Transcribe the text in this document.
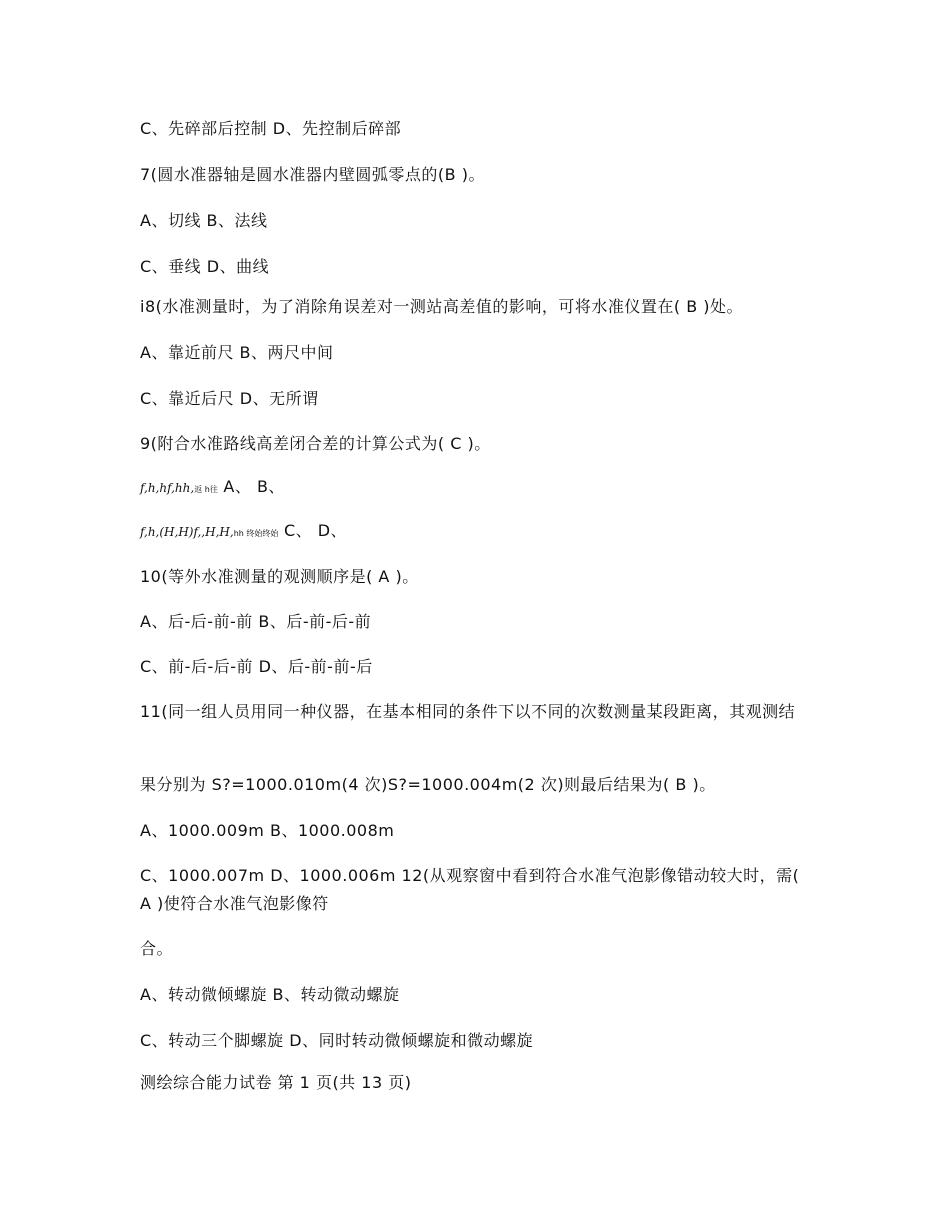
C、先碎部后控制 D、先控制后碎部
7(圆水准器轴是圆水准器内壁圆弧零点的(B )。
A、切线 B、法线
C、垂线 D、曲线
ⅰ8(水准测量时，为了消除角误差对一测站高差值的影响，可将水准仪置在( B )处。
A、靠近前尺 B、两尺中间
C、靠近后尺 D、无所谓
9(附合水准路线高差闭合差的计算公式为( C )。
f,h,hf,hh,返 h往 A、 B、
f,h,(H,H)f,,H,H,hh 终始终始 C、 D、
10(等外水准测量的观测顺序是( A )。
A、后-后-前-前 B、后-前-后-前
C、前-后-后-前 D、后-前-前-后
11(同一组人员用同一种仪器，在基本相同的条件下以不同的次数测量某段距离，其观测结
果分别为 S?=1000.010m(4 次)S?=1000.004m(2 次)则最后结果为( B )。
A、1000.009m B、1000.008m
C、1000.007m D、1000.006m 12(从观察窗中看到符合水准气泡影像错动较大时，需( A )使符合水准气泡影像符
合。
A、转动微倾螺旋 B、转动微动螺旋
C、转动三个脚螺旋 D、同时转动微倾螺旋和微动螺旋
测绘综合能力试卷 第 1 页(共 13 页)
